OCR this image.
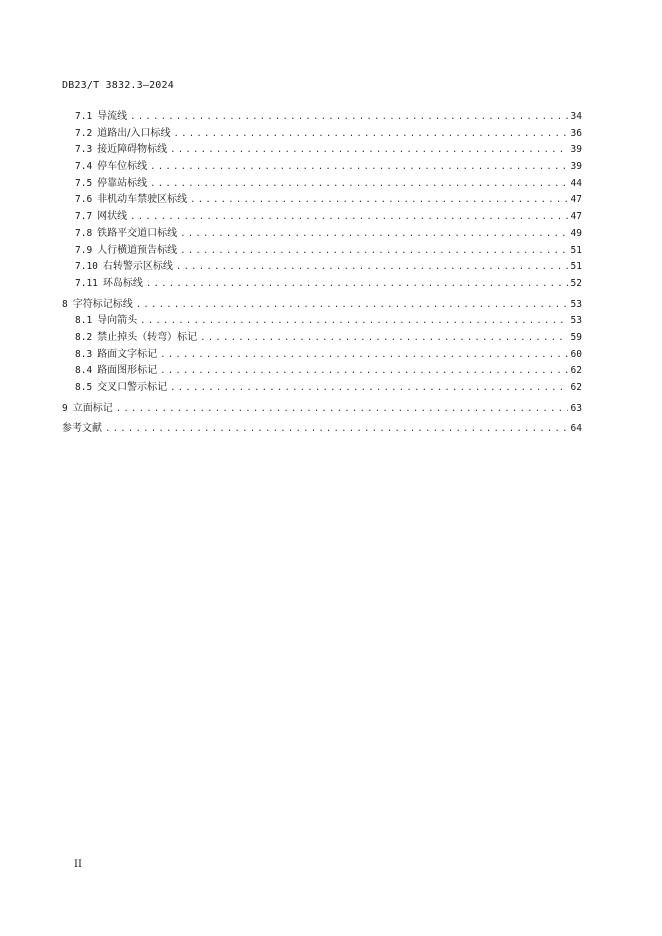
DB23/T 3832.3—2024
7.1 导流线 .....	34
7.2 道路出/入口标线 .....	36
7.3 接近障碍物标线 .....	39
7.4 停车位标线 .....	39
7.5 停靠站标线 .....	44
7.6 非机动车禁驶区标线 .....	47
7.7 网状线 .....	47
7.8 铁路平交道口标线 .....	49
7.9 人行横道预告标线 .....	51
7.10 右转警示区标线 .....	51
7.11 环岛标线 .....	52
8 字符标记标线 .....	53
8.1 导向箭头 .....	53
8.2 禁止掉头（转弯）标记 .....	59
8.3 路面文字标记 .....	60
8.4 路面图形标记 .....	62
8.5 交叉口警示标记 .....	62
9 立面标记 .....	63
参考文献 .....	64
II
